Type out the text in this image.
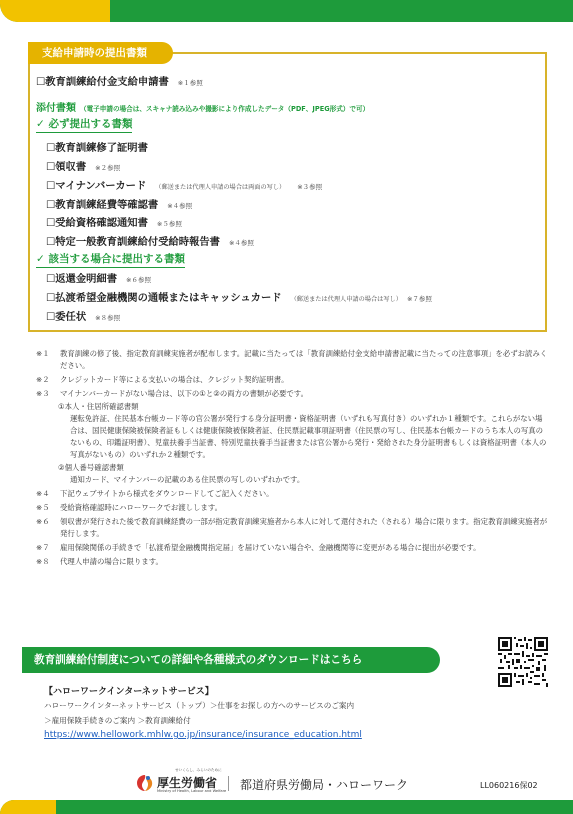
支給申請時の提出書類
☐教育訓練給付金支給申請書 ※１参照
添付書類 （電子申請の場合は、スキャナ読み込みや撮影により作成したデータ（PDF、JPEG形式）で可）
✓ 必ず提出する書類
☐教育訓練修了証明書
☐領収書 ※２参照
☐マイナンバーカード （郵送または代理人申請の場合は両面の写し） ※３参照
☐教育訓練経費等確認書 ※４参照
☐受給資格確認通知書 ※５参照
☐特定一般教育訓練給付受給時報告書 ※４参照
✓ 該当する場合に提出する書類
☐返還金明細書 ※６参照
☐払渡希望金融機関の通帳またはキャッシュカード （郵送または代理人申請の場合は写し） ※７参照
☐委任状 ※８参照
※１ 教育訓練の修了後、指定教育訓練実施者が配布します。記載に当たっては「教育訓練給付金支給申請書記載に当たっての注意事項」を必ずお読みください。
※２ クレジットカード等による支払いの場合は、クレジット契約証明書。
※３ マイナンバーカードがない場合は、以下の①と②の両方の書類が必要です。
①本人・住居所確認書類
運転免許証、住民基本台帳カード等の官公署が発行する身分証明書・資格証明書（いずれも写真付き）のいずれか１種類です。これらがない場合は、国民健康保険被保険者証もしくは健康保険被保険者証、住民票記載事項証明書（住民票の写し、住民基本台帳カードのうち本人の写真のないもの、印鑑証明書）、児童扶養手当証書、特別児童扶養手当証書または官公署から発行・発給された身分証明書もしくは資格証明書（本人の写真がないもの）のいずれか２種類です。
②個人番号確認書類
通知カード、マイナンバーの記載のある住民票の写しのいずれかです。
※４ 下記ウェブサイトから様式をダウンロードしてご記入ください。
※５ 受給資格確認時にハローワークでお渡しします。
※６ 領収書が発行された後で教育訓練経費の一部が指定教育訓練実施者から本人に対して還付された（される）場合に限ります。指定教育訓練実施者が発行します。
※７ 雇用保険関係の手続きで「払渡希望金融機関指定届」を届けていない場合や、金融機関等に変更がある場合に提出が必要です。
※８ 代理人申請の場合に限ります。
教育訓練給付制度についての詳細や各種様式のダウンロードはこちら
【ハローワークインターネットサービス】
ハローワークインターネットサービス（トップ）＞仕事をお探しの方へのサービスのご案内
＞雇用保険手続きのご案内 ＞教育訓練給付
https://www.hellowork.mhlw.go.jp/insurance/insurance_education.html
厚生労働省
せいくらし、みらいのために
Ministry of Health, Labour and Welfare 都道府県労働局・ハローワーク	LL060216保02
